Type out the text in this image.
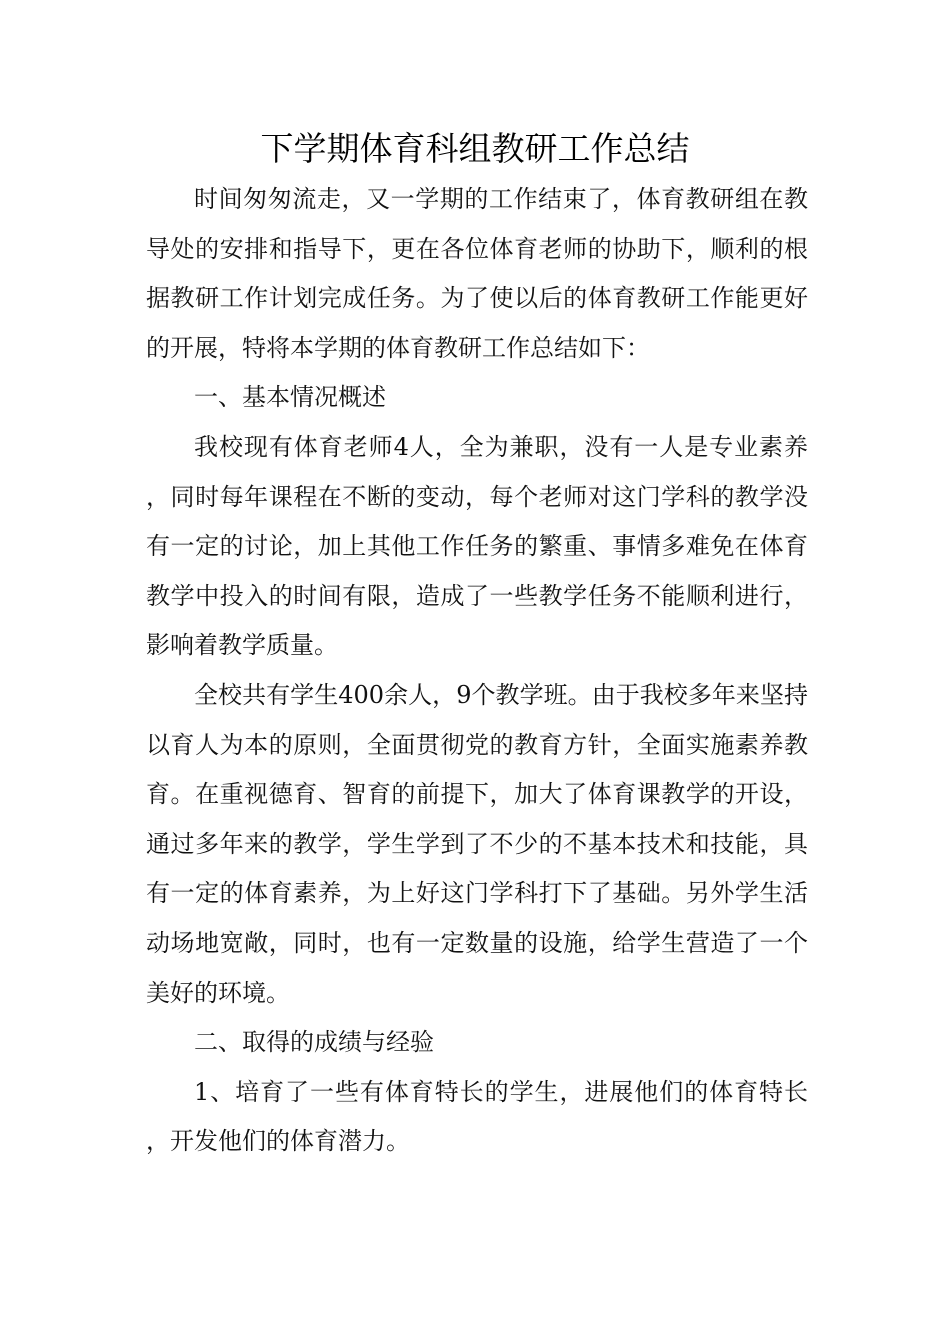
下学期体育科组教研工作总结

时间匆匆流走，又一学期的工作结束了，体育教研组在教导处的安排和指导下，更在各位体育老师的协助下，顺利的根据教研工作计划完成任务。为了使以后的体育教研工作能更好的开展，特将本学期的体育教研工作总结如下：

一、基本情况概述

我校现有体育老师4人，全为兼职，没有一人是专业素养，同时每年课程在不断的变动，每个老师对这门学科的教学没有一定的讨论，加上其他工作任务的繁重、事情多难免在体育教学中投入的时间有限，造成了一些教学任务不能顺利进行，影响着教学质量。

全校共有学生400余人，9个教学班。由于我校多年来坚持以育人为本的原则，全面贯彻党的教育方针，全面实施素养教育。在重视德育、智育的前提下，加大了体育课教学的开设，通过多年来的教学，学生学到了不少的不基本技术和技能，具有一定的体育素养，为上好这门学科打下了基础。另外学生活动场地宽敞，同时，也有一定数量的设施，给学生营造了一个美好的环境。

二、取得的成绩与经验

1、培育了一些有体育特长的学生，进展他们的体育特长，开发他们的体育潜力。
